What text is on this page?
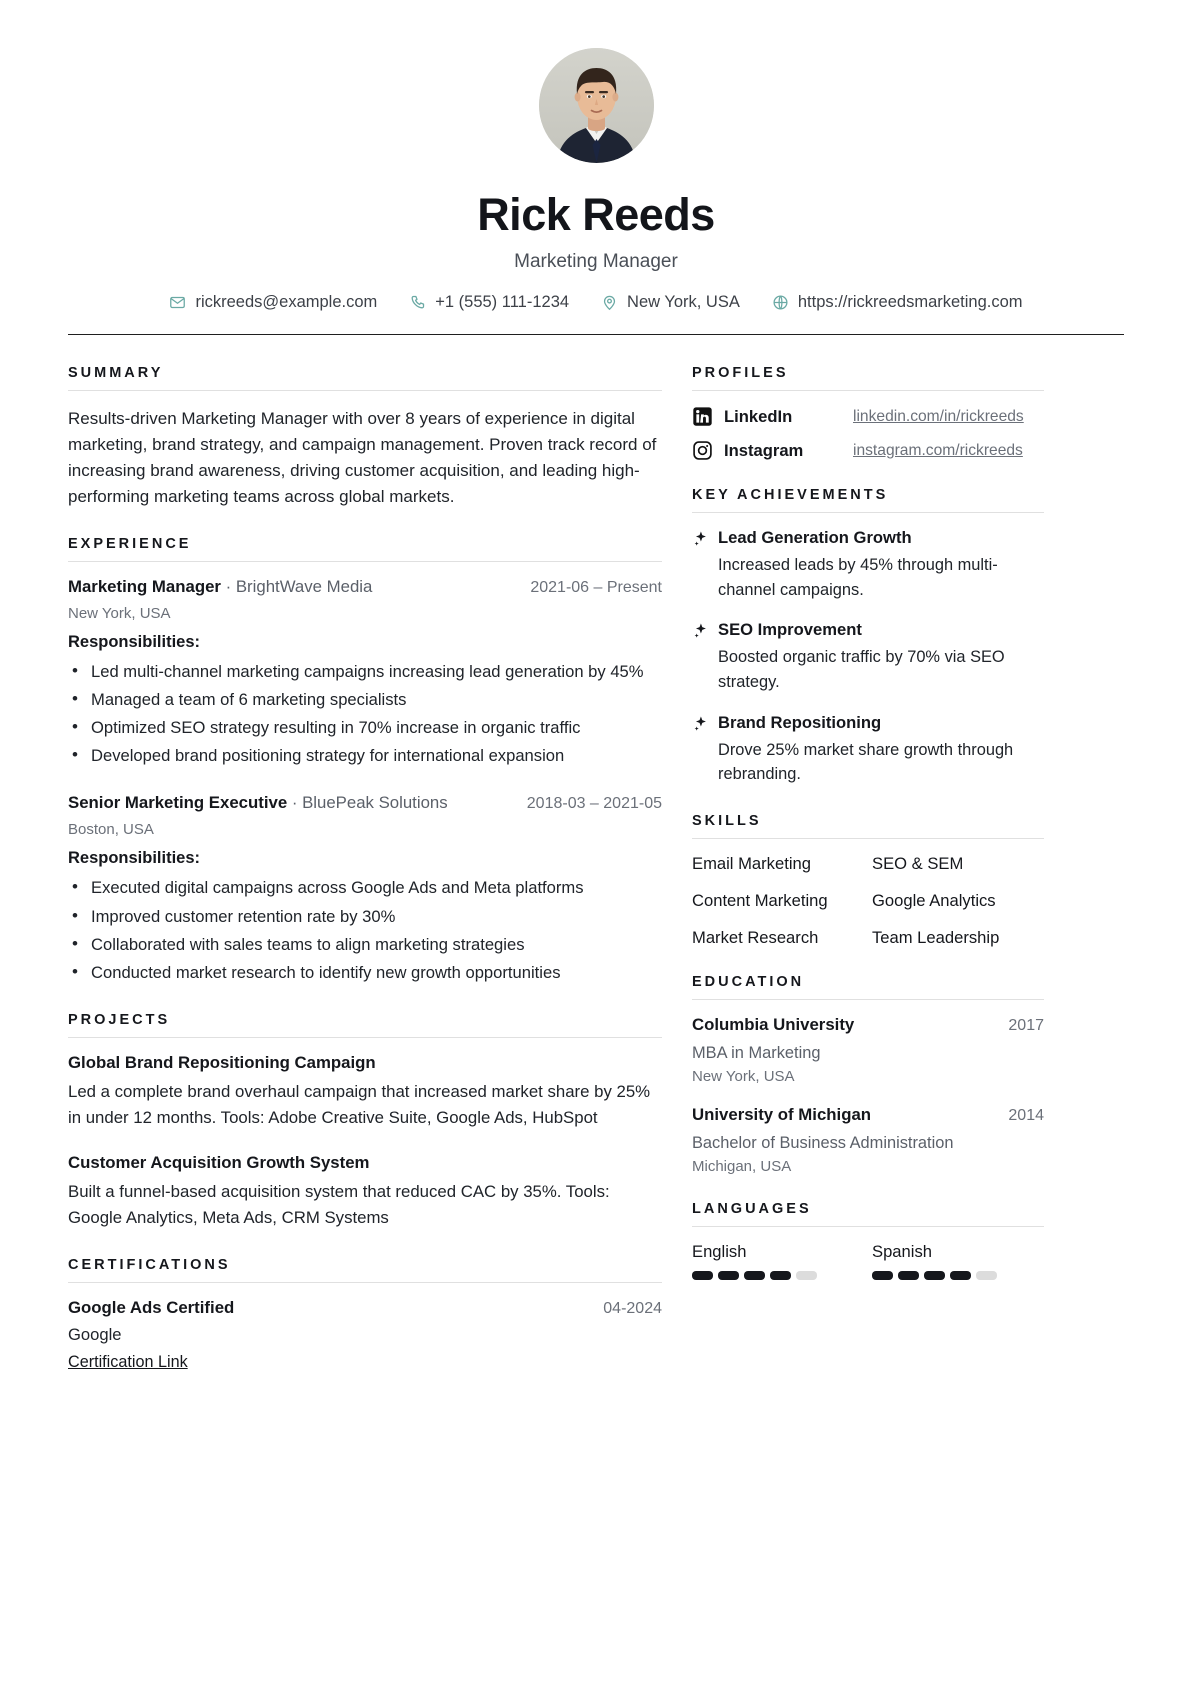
Rick Reeds
Marketing Manager
rickreeds@example.com	+1 (555) 111-1234	New York, USA	https://rickreedsmarketing.com
SUMMARY
Results-driven Marketing Manager with over 8 years of experience in digital marketing, brand strategy, and campaign management. Proven track record of increasing brand awareness, driving customer acquisition, and leading high-performing marketing teams across global markets.
EXPERIENCE
Marketing Manager · BrightWave Media	2021-06 – Present
New York, USA
Responsibilities:
• Led multi-channel marketing campaigns increasing lead generation by 45%
• Managed a team of 6 marketing specialists
• Optimized SEO strategy resulting in 70% increase in organic traffic
• Developed brand positioning strategy for international expansion
Senior Marketing Executive · BluePeak Solutions	2018-03 – 2021-05
Boston, USA
Responsibilities:
• Executed digital campaigns across Google Ads and Meta platforms
• Improved customer retention rate by 30%
• Collaborated with sales teams to align marketing strategies
• Conducted market research to identify new growth opportunities
PROJECTS
Global Brand Repositioning Campaign
Led a complete brand overhaul campaign that increased market share by 25% in under 12 months. Tools: Adobe Creative Suite, Google Ads, HubSpot
Customer Acquisition Growth System
Built a funnel-based acquisition system that reduced CAC by 35%. Tools: Google Analytics, Meta Ads, CRM Systems
CERTIFICATIONS
Google Ads Certified	04-2024
Google
Certification Link
PROFILES
LinkedIn	linkedin.com/in/rickreeds
Instagram	instagram.com/rickreeds
KEY ACHIEVEMENTS
Lead Generation Growth
Increased leads by 45% through multi-channel campaigns.
SEO Improvement
Boosted organic traffic by 70% via SEO strategy.
Brand Repositioning
Drove 25% market share growth through rebranding.
SKILLS
Email Marketing	SEO & SEM
Content Marketing	Google Analytics
Market Research	Team Leadership
EDUCATION
Columbia University	2017
MBA in Marketing
New York, USA
University of Michigan	2014
Bachelor of Business Administration
Michigan, USA
LANGUAGES
English	Spanish
